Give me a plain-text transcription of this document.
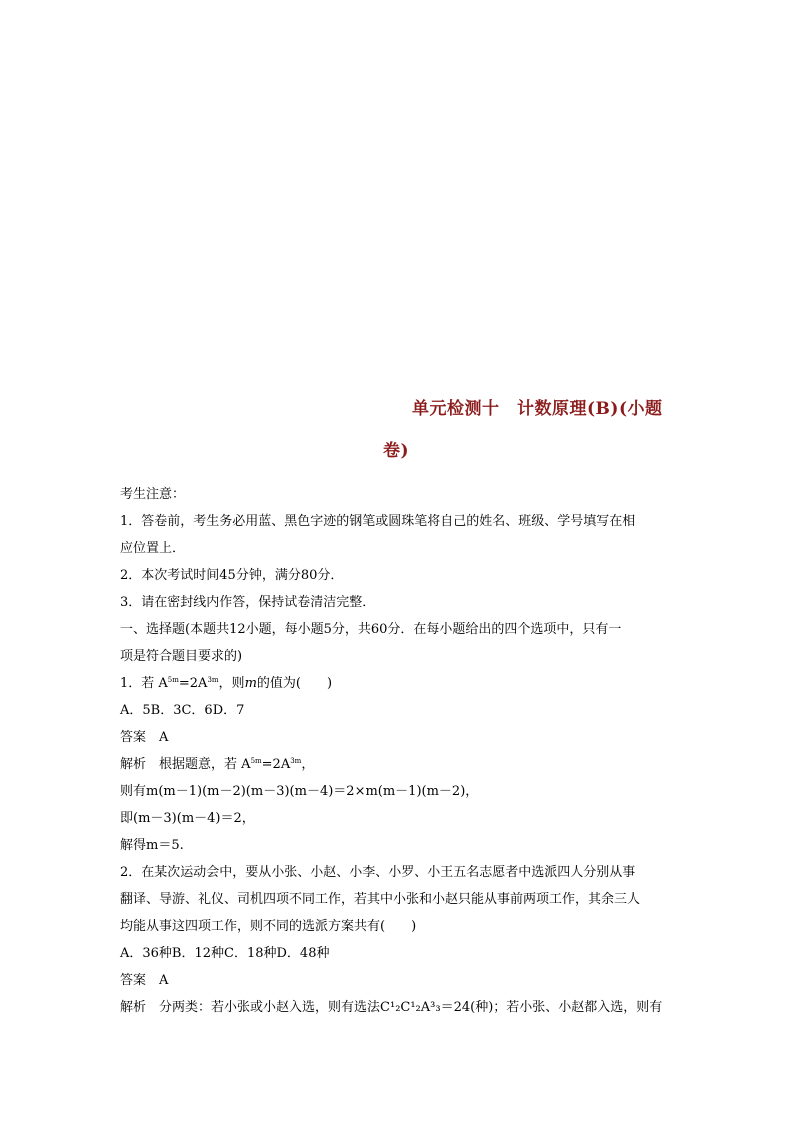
单元检测十　计数原理(B)(小题
卷)
考生注意：
1．答卷前，考生务必用蓝、黑色字迹的钢笔或圆珠笔将自己的姓名、班级、学号填写在相
应位置上．
2．本次考试时间45分钟，满分80分．
3．请在密封线内作答，保持试卷清洁完整．
一、选择题(本题共12小题，每小题5分，共60分．在每小题给出的四个选项中，只有一
项是符合题目要求的)
1．若 $A^{5m}=2A^{3m}$，则m的值为(　　)
A．5B．3C．6D．7
答案　 A
解析　 根据题意，若 $A^{5m}=2A^{3m}$，
则有m(m－1)(m－2)(m－3)(m－4)＝2×m(m－1)(m－2)，
即(m－3)(m－4)＝2，
解得m＝5.
2．在某次运动会中，要从小张、小赵、小李、小罗、小王五名志愿者中选派四人分别从事
翻译、导游、礼仪、司机四项不同工作，若其中小张和小赵只能从事前两项工作，其余三人
均能从事这四项工作，则不同的选派方案共有(　　)
A．36种B．12种C．18种D．48种
答案　 A
解析　 分两类：若小张或小赵入选，则有选法C¹₂C¹₂A³₃＝24(种)；若小张、小赵都入选，则有
